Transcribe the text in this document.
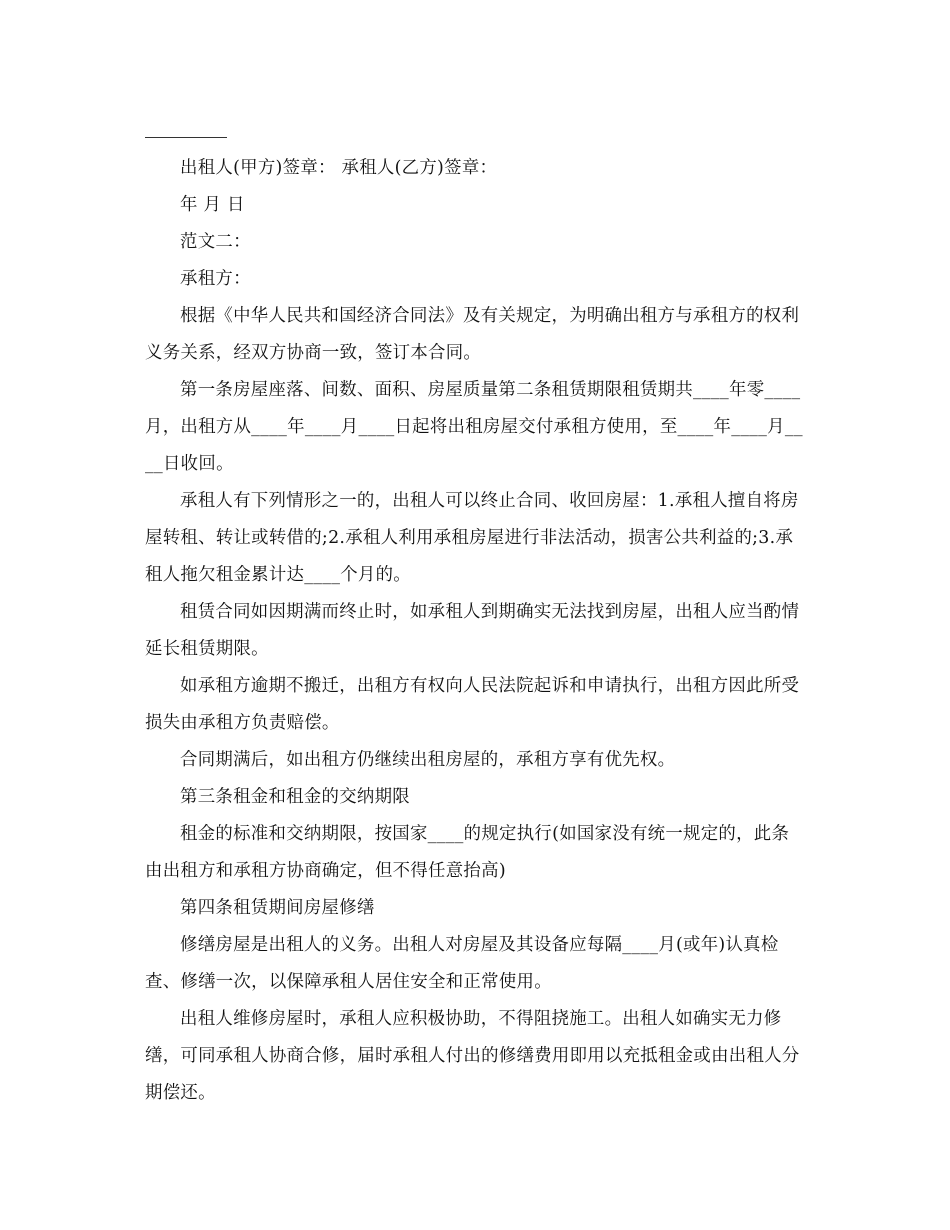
出租人(甲方)签章： 承租人(乙方)签章：

年 月 日

范文二：

承租方：

根据《中华人民共和国经济合同法》及有关规定，为明确出租方与承租方的权利义务关系，经双方协商一致，签订本合同。

第一条房屋座落、间数、面积、房屋质量第二条租赁期限租赁期共____年零____月，出租方从____年____月____日起将出租房屋交付承租方使用，至____年____月____日收回。

承租人有下列情形之一的，出租人可以终止合同、收回房屋：1.承租人擅自将房屋转租、转让或转借的;2.承租人利用承租房屋进行非法活动，损害公共利益的;3.承租人拖欠租金累计达____个月的。

租赁合同如因期满而终止时，如承租人到期确实无法找到房屋，出租人应当酌情延长租赁期限。

如承租方逾期不搬迁，出租方有权向人民法院起诉和申请执行，出租方因此所受损失由承租方负责赔偿。

合同期满后，如出租方仍继续出租房屋的，承租方享有优先权。

第三条租金和租金的交纳期限

租金的标准和交纳期限，按国家____的规定执行(如国家没有统一规定的，此条由出租方和承租方协商确定，但不得任意抬高)

第四条租赁期间房屋修缮

修缮房屋是出租人的义务。出租人对房屋及其设备应每隔____月(或年)认真检查、修缮一次，以保障承租人居住安全和正常使用。

出租人维修房屋时，承租人应积极协助，不得阻挠施工。出租人如确实无力修缮，可同承租人协商合修，届时承租人付出的修缮费用即用以充抵租金或由出租人分期偿还。
